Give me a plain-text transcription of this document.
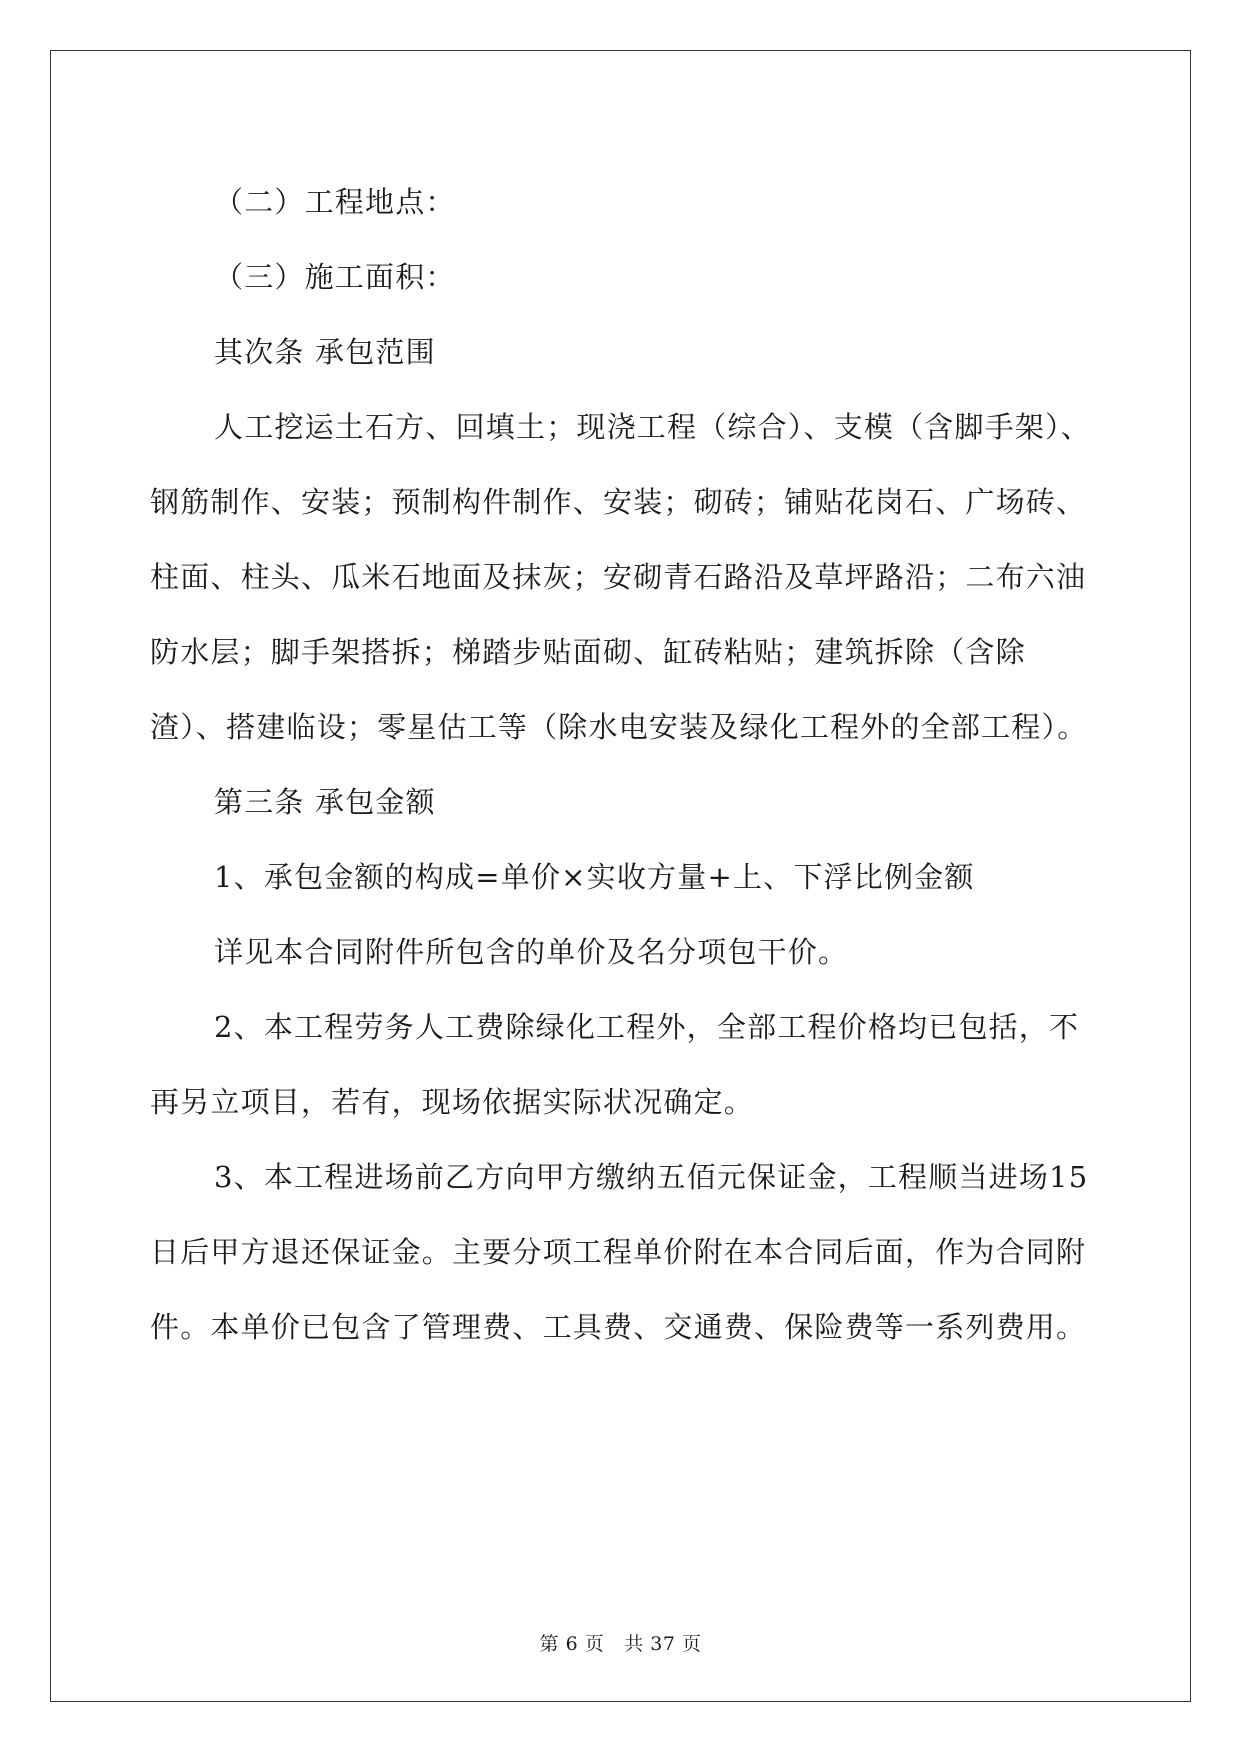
（二）工程地点：

（三）施工面积：

其次条 承包范围

人工挖运土石方、回填土；现浇工程（综合）、支模（含脚手架）、钢筋制作、安装；预制构件制作、安装；砌砖；铺贴花岗石、广场砖、柱面、柱头、瓜米石地面及抹灰；安砌青石路沿及草坪路沿；二布六油防水层；脚手架搭拆；梯踏步贴面砌、缸砖粘贴；建筑拆除（含除渣）、搭建临设；零星估工等（除水电安装及绿化工程外的全部工程）。

第三条 承包金额

1、承包金额的构成=单价×实收方量+上、下浮比例金额

详见本合同附件所包含的单价及名分项包干价。

2、本工程劳务人工费除绿化工程外，全部工程价格均已包括，不再另立项目，若有，现场依据实际状况确定。

3、本工程进场前乙方向甲方缴纳五佰元保证金，工程顺当进场15日后甲方退还保证金。主要分项工程单价附在本合同后面，作为合同附件。本单价已包含了管理费、工具费、交通费、保险费等一系列费用。

第 6 页 共 37 页
